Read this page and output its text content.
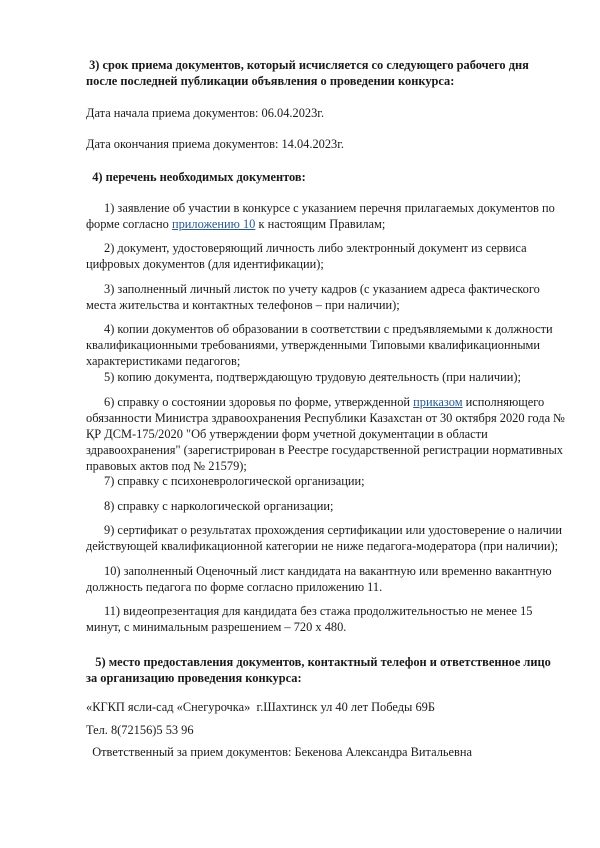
3) срок приема документов, который исчисляется со следующего рабочего дня
после последней публикации объявления о проведении конкурса:
Дата начала приема документов: 06.04.2023г.
Дата окончания приема документов: 14.04.2023г.
4) перечень необходимых документов:
1) заявление об участии в конкурсе с указанием перечня прилагаемых документов по
форме согласно приложению 10 к настоящим Правилам;
2) документ, удостоверяющий личность либо электронный документ из сервиса
цифровых документов (для идентификации);
3) заполненный личный листок по учету кадров (с указанием адреса фактического
места жительства и контактных телефонов – при наличии);
4) копии документов об образовании в соответствии с предъявляемыми к должности
квалификационными требованиями, утвержденными Типовыми квалификационными
характеристиками педагогов;
5) копию документа, подтверждающую трудовую деятельность (при наличии);
6) справку о состоянии здоровья по форме, утвержденной приказом исполняющего
обязанности Министра здравоохранения Республики Казахстан от 30 октября 2020 года №
ҚР ДСМ-175/2020 "Об утверждении форм учетной документации в области
здравоохранения" (зарегистрирован в Реестре государственной регистрации нормативных
правовых актов под № 21579);
7) справку с психоневрологической организации;
8) справку с наркологической организации;
9) сертификат о результатах прохождения сертификации или удостоверение о наличии
действующей квалификационной категории не ниже педагога-модератора (при наличии);
10) заполненный Оценочный лист кандидата на вакантную или временно вакантную
должность педагога по форме согласно приложению 11.
11) видеопрезентация для кандидата без стажа продолжительностью не менее 15
минут, с минимальным разрешением – 720 х 480.
5) место предоставления документов, контактный телефон и ответственное лицо
за организацию проведения конкурса:
«КГКП ясли-сад «Снегурочка»  г.Шахтинск ул 40 лет Победы 69Б
Тел. 8(72156)5 53 96
Ответственный за прием документов: Бекенова Александра Витальевна
